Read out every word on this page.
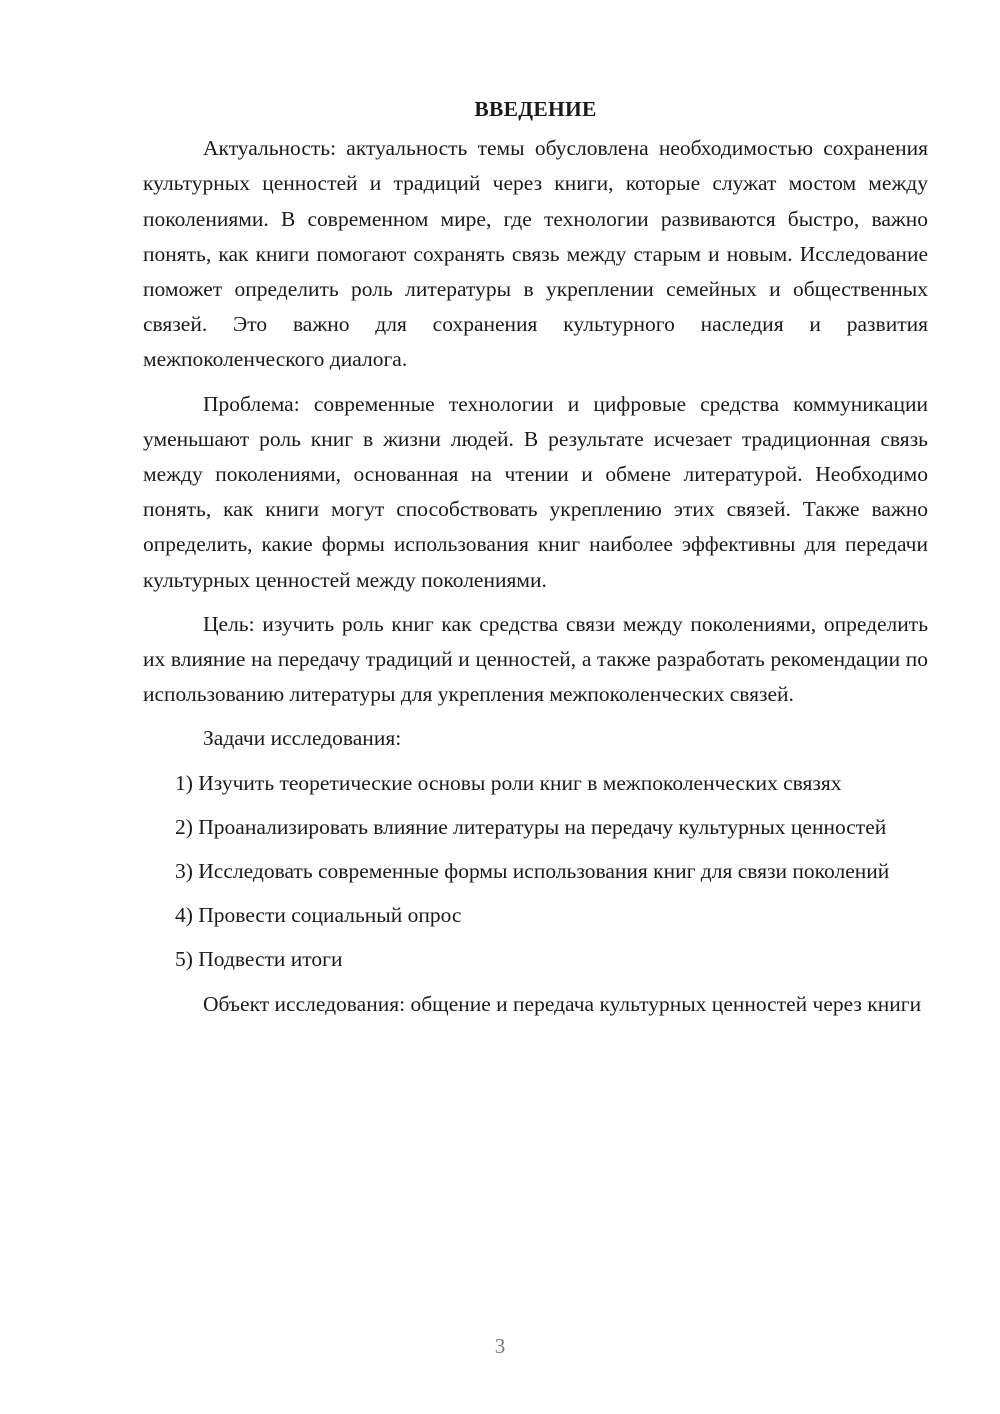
ВВЕДЕНИЕ

Актуальность: актуальность темы обусловлена необходимостью сохранения культурных ценностей и традиций через книги, которые служат мостом между поколениями. В современном мире, где технологии развиваются быстро, важно понять, как книги помогают сохранять связь между старым и новым. Исследование поможет определить роль литературы в укреплении семейных и общественных связей. Это важно для сохранения культурного наследия и развития межпоколенческого диалога.

Проблема: современные технологии и цифровые средства коммуникации уменьшают роль книг в жизни людей. В результате исчезает традиционная связь между поколениями, основанная на чтении и обмене литературой. Необходимо понять, как книги могут способствовать укреплению этих связей. Также важно определить, какие формы использования книг наиболее эффективны для передачи культурных ценностей между поколениями.

Цель: изучить роль книг как средства связи между поколениями, определить их влияние на передачу традиций и ценностей, а также разработать рекомендации по использованию литературы для укрепления межпоколенческих связей.

Задачи исследования:

1) Изучить теоретические основы роли книг в межпоколенческих связях

2) Проанализировать влияние литературы на передачу культурных ценностей

3) Исследовать современные формы использования книг для связи поколений

4) Провести социальный опрос

5) Подвести итоги

Объект исследования: общение и передача культурных ценностей через книги

3
